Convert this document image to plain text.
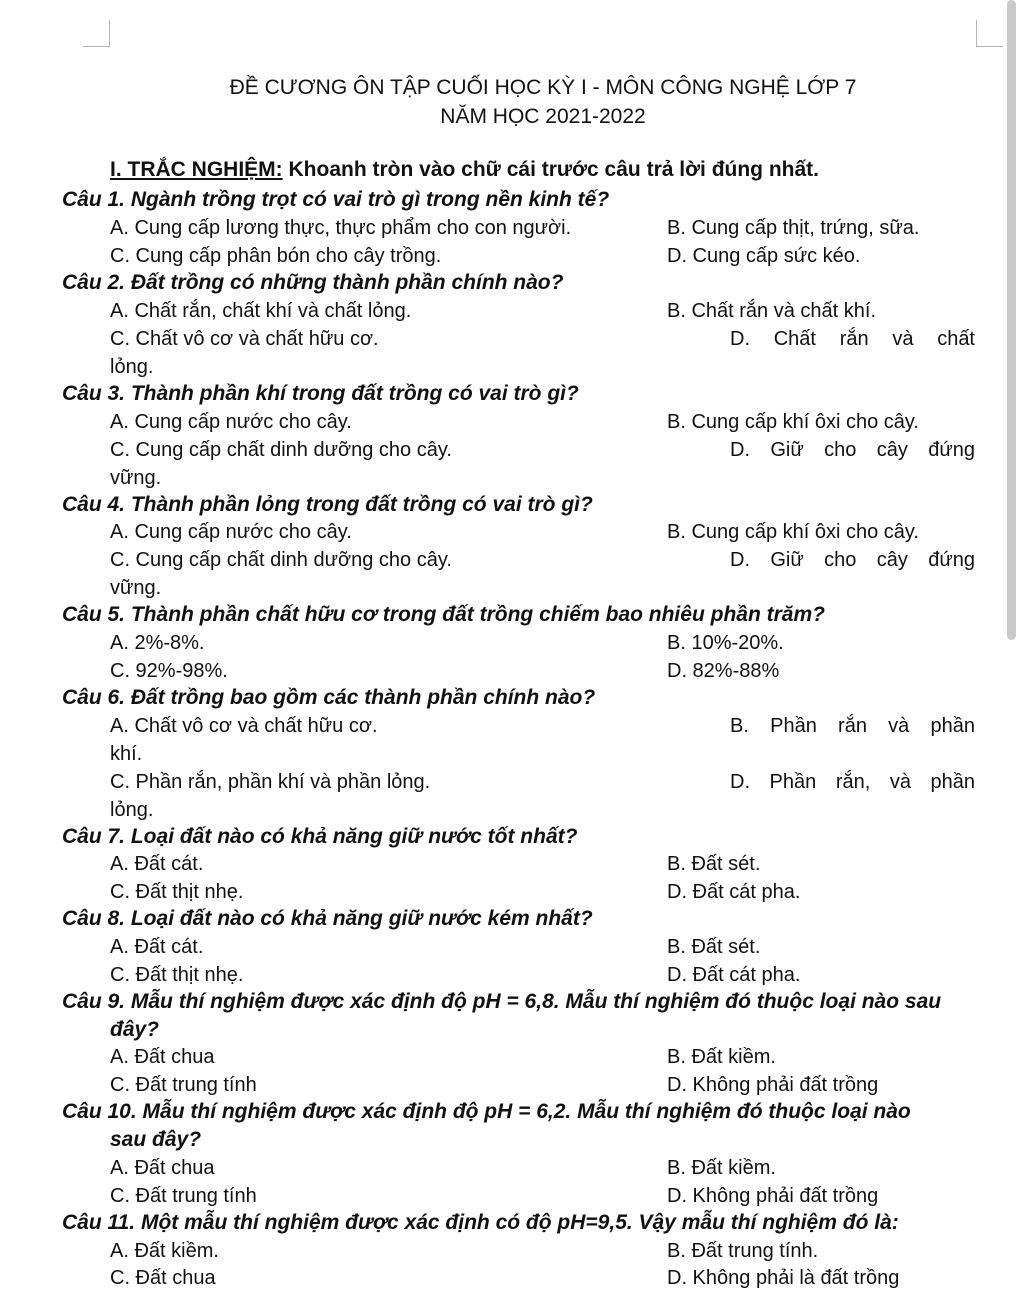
ĐỀ CƯƠNG ÔN TẬP CUỐI HỌC KỲ I - MÔN CÔNG NGHỆ LỚP 7
NĂM HỌC 2021-2022
I. TRẮC NGHIỆM: Khoanh tròn vào chữ cái trước câu trả lời đúng nhất.
Câu 1. Ngành trồng trọt có vai trò gì trong nền kinh tế?
A. Cung cấp lương thực, thực phẩm cho con người.	B. Cung cấp thịt, trứng, sữa.
C. Cung cấp phân bón cho cây trồng.	D. Cung cấp sức kéo.
Câu 2. Đất trồng có những thành phần chính nào?
A. Chất rắn, chất khí và chất lỏng.	B. Chất rắn và chất khí.
C. Chất vô cơ và chất hữu cơ.	D. Chất rắn và chất
lỏng.
Câu 3. Thành phần khí trong đất trồng có vai trò gì?
A. Cung cấp nước cho cây.	B. Cung cấp khí ôxi cho cây.
C. Cung cấp chất dinh dưỡng cho cây.	D. Giữ cho cây đứng
vững.
Câu 4. Thành phần lỏng trong đất trồng có vai trò gì?
A. Cung cấp nước cho cây.	B. Cung cấp khí ôxi cho cây.
C. Cung cấp chất dinh dưỡng cho cây.	D. Giữ cho cây đứng
vững.
Câu 5. Thành phần chất hữu cơ trong đất trồng chiếm bao nhiêu phần trăm?
A. 2%-8%.	B. 10%-20%.
C. 92%-98%.	D. 82%-88%
Câu 6. Đất trồng bao gồm các thành phần chính nào?
A. Chất vô cơ và chất hữu cơ.	B. Phần rắn và phần
khí.
C. Phần rắn, phần khí và phần lỏng.	D. Phần rắn, và phần
lỏng.
Câu 7. Loại đất nào có khả năng giữ nước tốt nhất?
A. Đất cát.	B. Đất sét.
C. Đất thịt nhẹ.	D. Đất cát pha.
Câu 8. Loại đất nào có khả năng giữ nước kém nhất?
A. Đất cát.	B. Đất sét.
C. Đất thịt nhẹ.	D. Đất cát pha.
Câu 9. Mẫu thí nghiệm được xác định độ pH = 6,8. Mẫu thí nghiệm đó thuộc loại nào sau
đây?
A. Đất chua	B. Đất kiềm.
C. Đất trung tính	D. Không phải đất trồng
Câu 10. Mẫu thí nghiệm được xác định độ pH = 6,2. Mẫu thí nghiệm đó thuộc loại nào
sau đây?
A. Đất chua	B. Đất kiềm.
C. Đất trung tính	D. Không phải đất trồng
Câu 11. Một mẫu thí nghiệm được xác định có độ pH=9,5. Vậy mẫu thí nghiệm đó là:
A. Đất kiềm.	B. Đất trung tính.
C. Đất chua	D. Không phải là đất trồng
